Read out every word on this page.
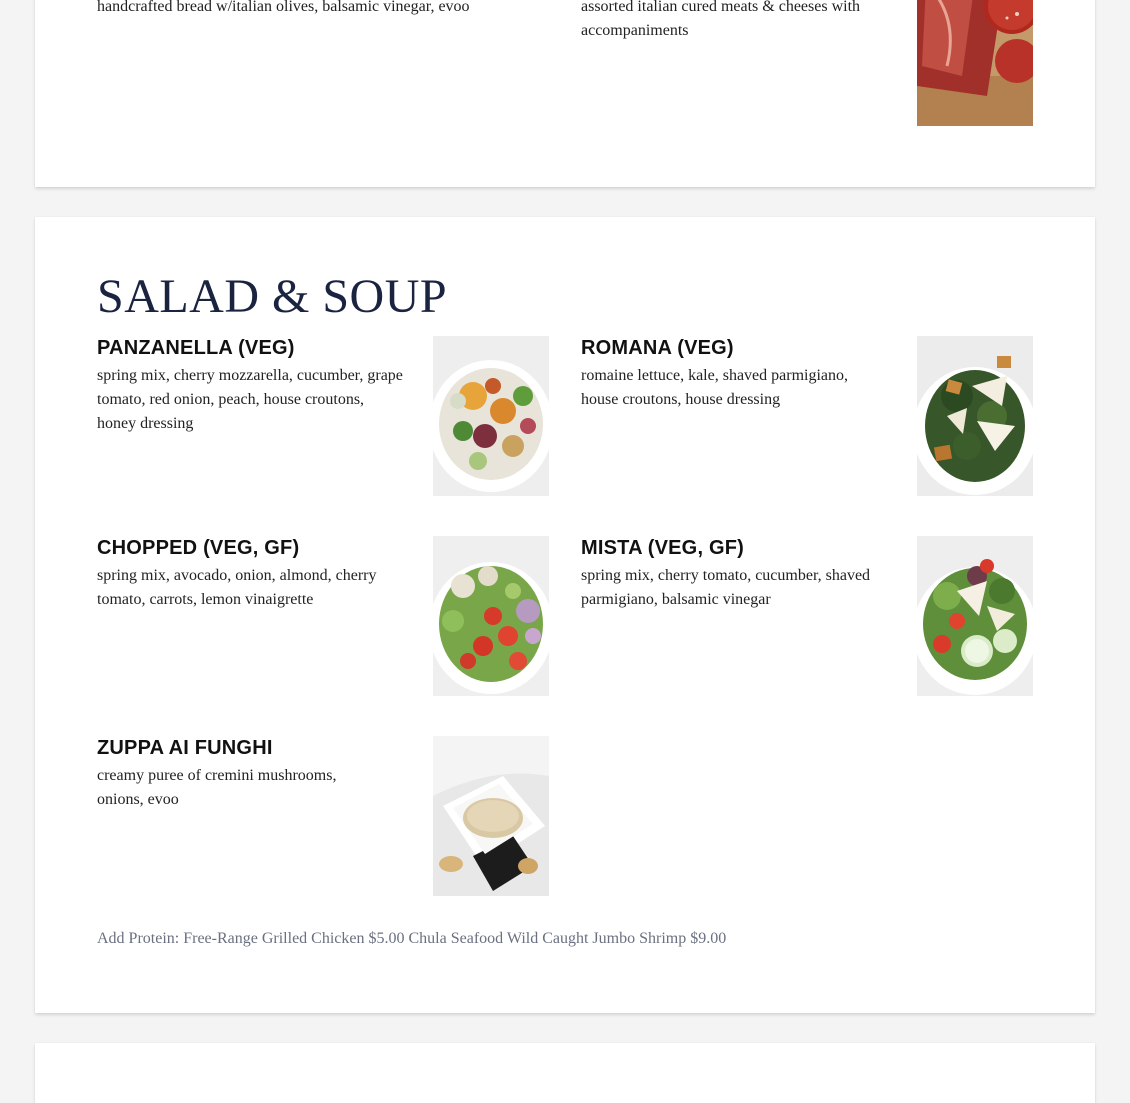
handcrafted bread w/italian olives, balsamic vinegar, evoo	assorted italian cured meats & cheeses with accompaniments

SALAD & SOUP
PANZANELLA (VEG)

spring mix, cherry mozzarella, cucumber, grape tomato, red onion, peach, house croutons, honey dressing

ROMANA (VEG)

romaine lettuce, kale, shaved parmigiano, house croutons, house dressing

CHOPPED (VEG, GF)

spring mix, avocado, onion, almond, cherry tomato, carrots, lemon vinaigrette

MISTA (VEG, GF)

spring mix, cherry tomato, cucumber, shaved parmigiano, balsamic vinegar

ZUPPA AI FUNGHI

creamy puree of cremini mushrooms, onions, evoo

Add Protein: Free-Range Grilled Chicken $5.00 Chula Seafood Wild Caught Jumbo Shrimp $9.00
